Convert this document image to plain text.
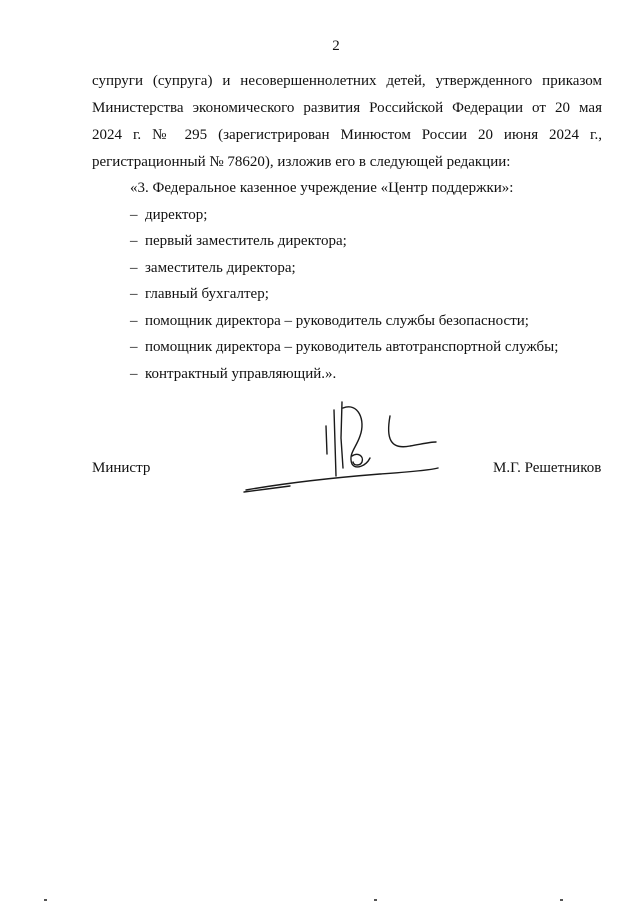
2
супруги (супруга) и несовершеннолетних детей, утвержденного приказом
Министерства экономического развития Российской Федерации от 20 мая
2024 г. № 295 (зарегистрирован Минюстом России 20 июня 2024 г.,
регистрационный № 78620), изложив его в следующей редакции:
«3. Федеральное казенное учреждение «Центр поддержки»:
–  директор;
–  первый заместитель директора;
–  заместитель директора;
–  главный бухгалтер;
–  помощник директора – руководитель службы безопасности;
–  помощник директора – руководитель автотранспортной службы;
–  контрактный управляющий.».
Министр	М.Г. Решетников
